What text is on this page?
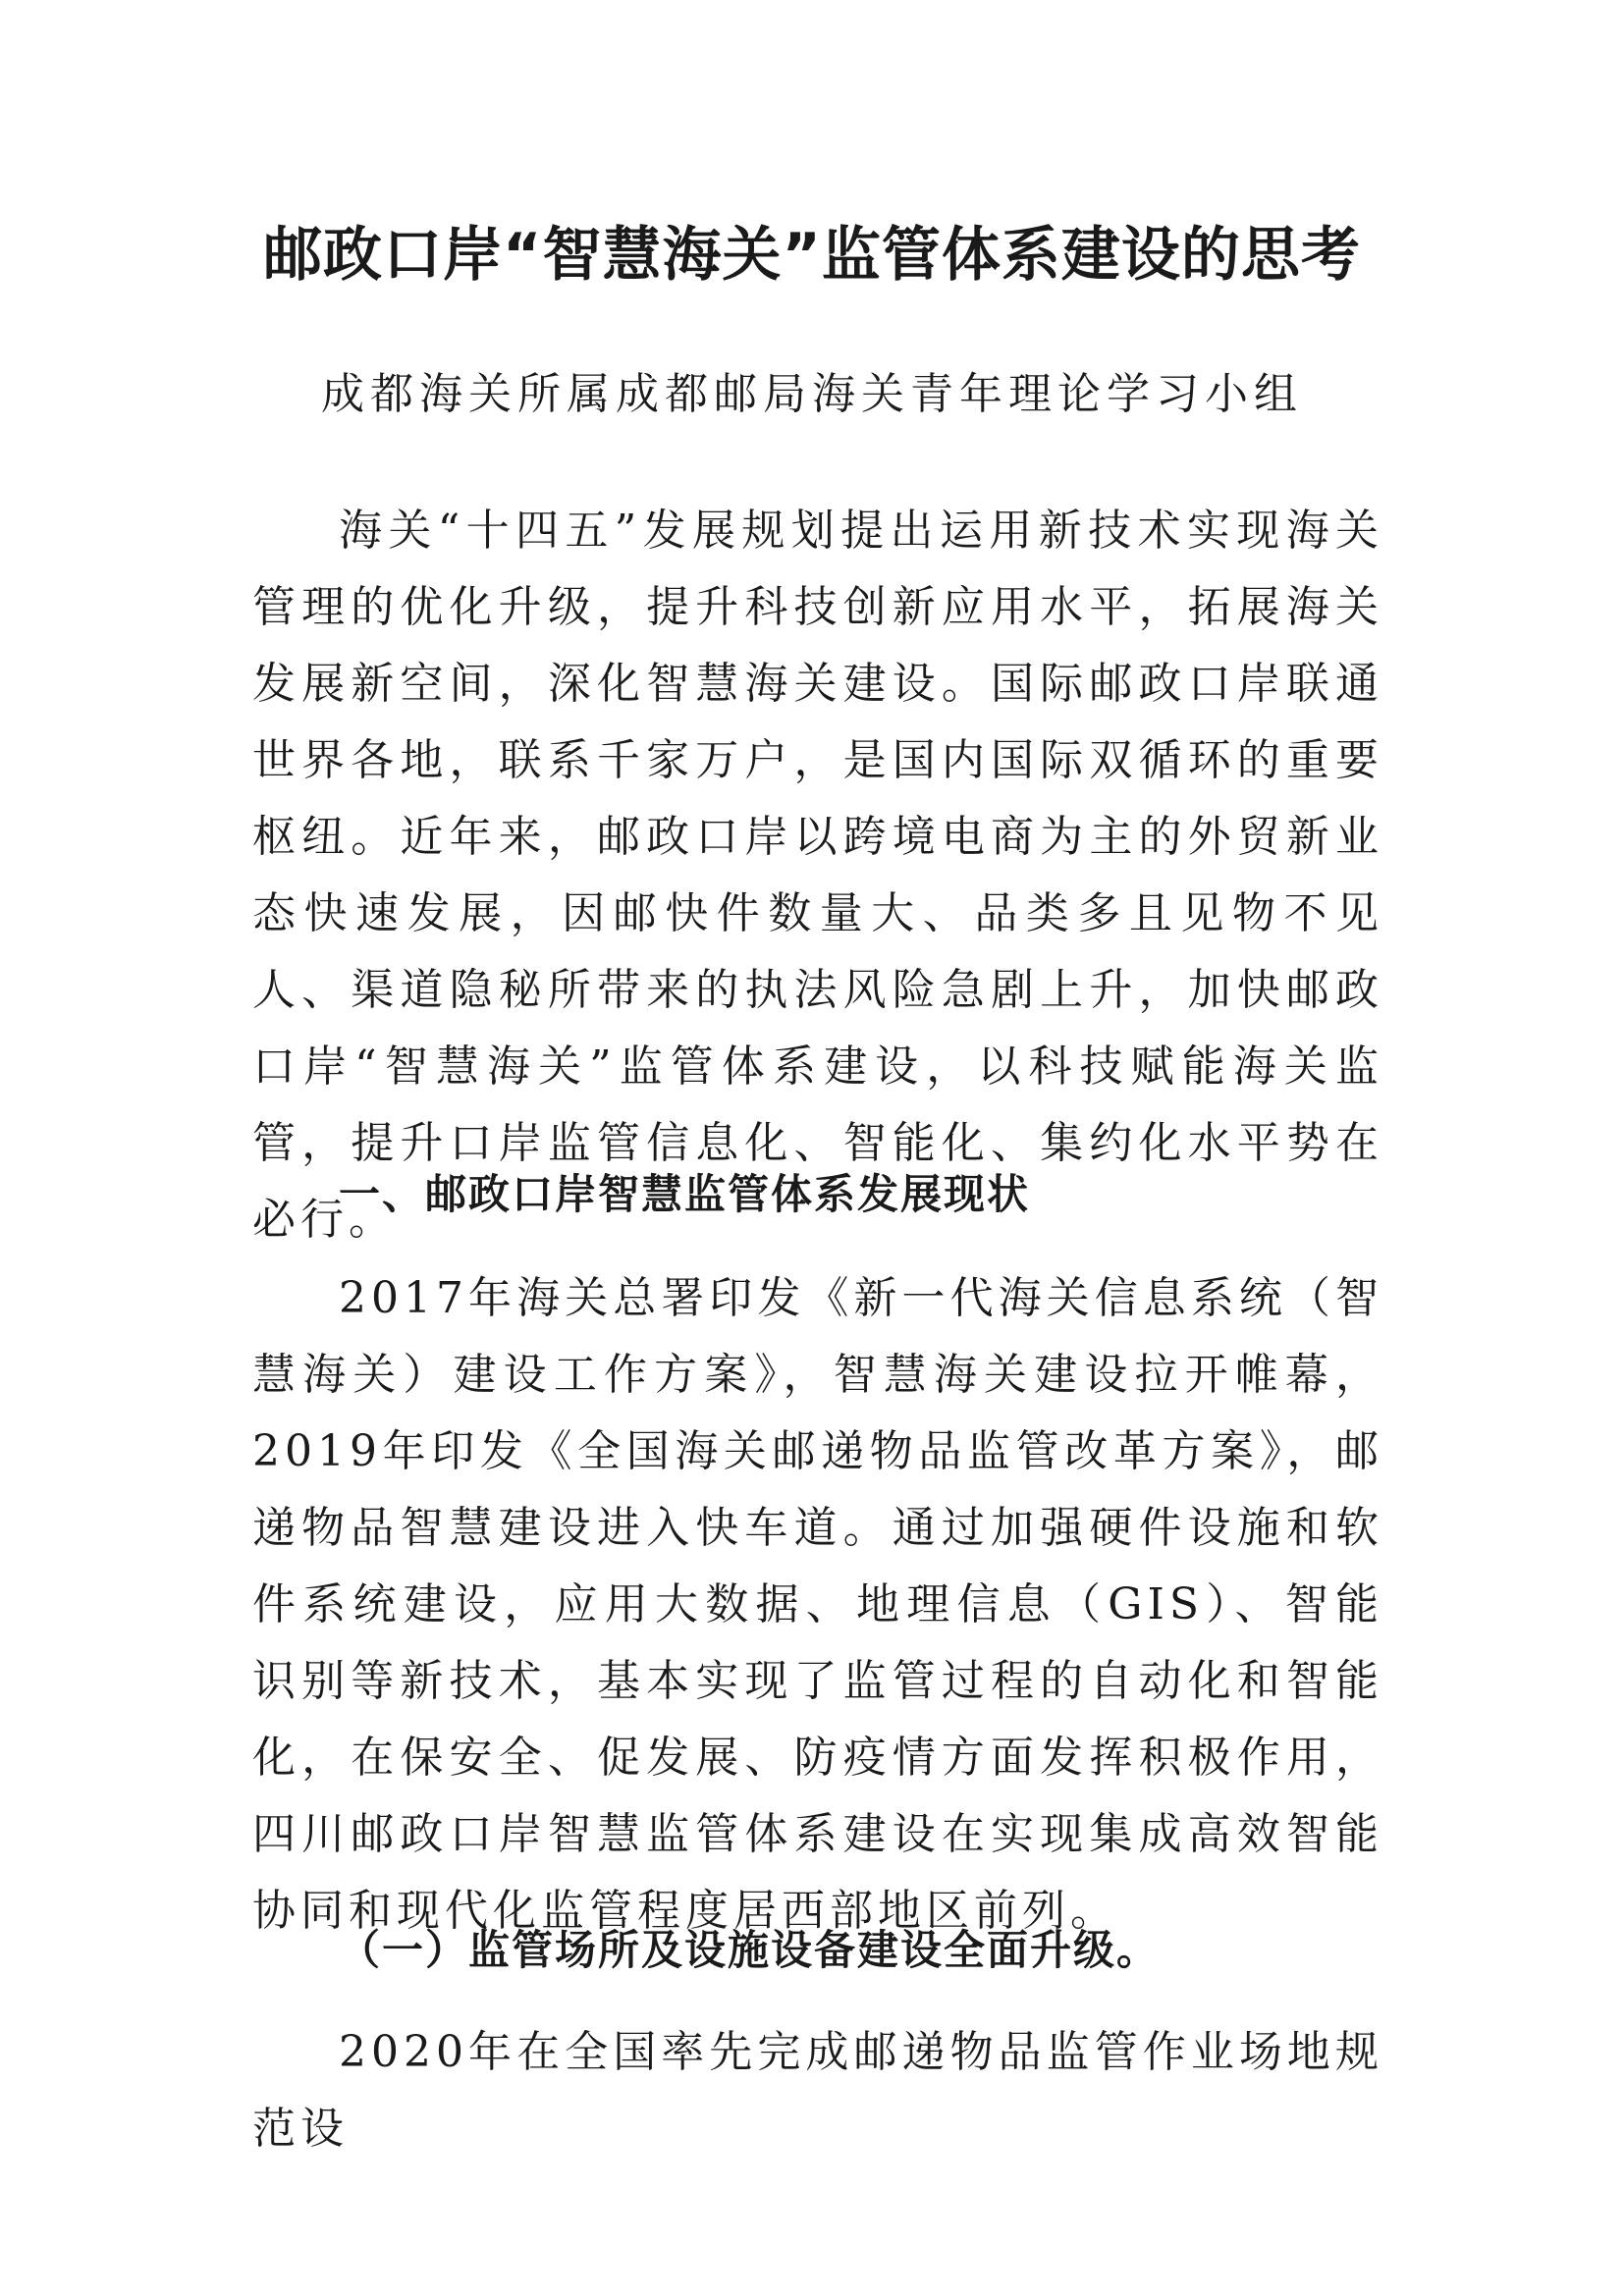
邮政口岸“智慧海关”监管体系建设的思考
成都海关所属成都邮局海关青年理论学习小组

海关“十四五”发展规划提出运用新技术实现海关管理的优化升级，提升科技创新应用水平，拓展海关发展新空间，深化智慧海关建设。国际邮政口岸联通世界各地，联系千家万户，是国内国际双循环的重要枢纽。近年来，邮政口岸以跨境电商为主的外贸新业态快速发展，因邮快件数量大、品类多且见物不见人、渠道隐秘所带来的执法风险急剧上升，加快邮政口岸“智慧海关”监管体系建设，以科技赋能海关监管，提升口岸监管信息化、智能化、集约化水平势在必行。

一、邮政口岸智慧监管体系发展现状

2017年海关总署印发《新一代海关信息系统（智慧海关）建设工作方案》，智慧海关建设拉开帷幕，2019年印发《全国海关邮递物品监管改革方案》，邮递物品智慧建设进入快车道。通过加强硬件设施和软件系统建设，应用大数据、地理信息（GIS）、智能识别等新技术，基本实现了监管过程的自动化和智能化，在保安全、促发展、防疫情方面发挥积极作用，四川邮政口岸智慧监管体系建设在实现集成高效智能协同和现代化监管程度居西部地区前列。

（一）监管场所及设施设备建设全面升级。

2020年在全国率先完成邮递物品监管作业场地规范设
